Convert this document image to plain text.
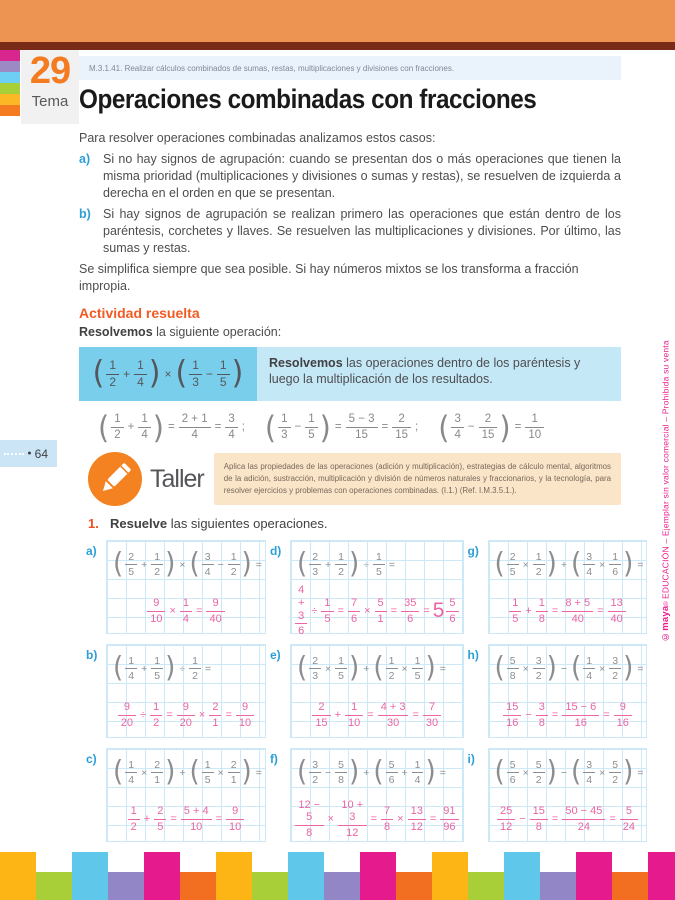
29
Tema
M.3.1.41. Realizar cálculos combinados de sumas, restas, multiplicaciones y divisiones con fracciones.
Operaciones combinadas con fracciones

Para resolver operaciones combinadas analizamos estos casos:

a)	Si no hay signos de agrupación: cuando se presentan dos o más operaciones que tienen la misma prioridad (multiplicaciones y divisiones o sumas y restas), se resuelven de izquierda a derecha en el orden en que se presentan.
b) Si hay signos de agrupación se realizan primero las operaciones que están dentro de los paréntesis, corchetes y llaves. Se resuelven las multiplicaciones y divisiones. Por último, las sumas y restas.

Se simplifica siempre que sea posible. Si hay números mixtos se los transforma a fracción impropia.

Actividad resuelta

Resolvemos la siguiente operación:

( $\frac{1}{2} + \frac{1}{4}$ ) × ( $\frac{1}{3} - \frac{1}{5}$ )	Resolvemos las operaciones dentro de los paréntesis y luego la multiplicación de los resultados.
( $\frac{1}{2} + \frac{1}{4}$ ) = $\frac{2 + 1}{4} = \frac{3}{4}$ ; ( $\frac{1}{3} - \frac{1}{5}$ ) = $\frac{5 - 3}{15} = \frac{2}{15}$ ; ( $\frac{3}{4} - \frac{2}{15}$ ) = $\frac{1}{10}$
● 64
Taller	Aplica las propiedades de las operaciones (adición y multiplicación), estrategias de cálculo mental, algoritmos de la adición, sustracción, multiplicación y división de números naturales y fraccionarios, y la tecnología, para resolver ejercicios y problemas con operaciones combinadas. (I.1.) (Ref. I.M.3.5.1.).
1. Resuelve las siguientes operaciones.
a) ( $\frac{2}{5} + \frac{1}{2}$ ) × ( $\frac{3}{4} - \frac{1}{2}$ ) =
$\frac{9}{10} \times \frac{1}{4} = \frac{9}{40}$
d) ( $\frac{2}{3} + \frac{1}{2}$ ) ÷ $\frac{1}{5}$ =
$\frac{4 + 3}{6} \div \frac{1}{5} = \frac{7}{6} \times \frac{5}{1} = \frac{35}{6} = 5 \frac{5}{6}$
g) ( $\frac{2}{5} \times \frac{1}{2}$ ) + ( $\frac{3}{4} \times \frac{1}{6}$ ) =
$\frac{1}{5} + \frac{1}{8} = \frac{8 + 5}{40} = \frac{13}{40}$
b) ( $\frac{1}{4} + \frac{1}{5}$ ) ÷ $\frac{1}{2}$ =
$\frac{9}{20} \div \frac{1}{2} = \frac{9}{20} \times \frac{2}{1} = \frac{9}{10}$
e) ( $\frac{2}{3} \times \frac{1}{5}$ ) + ( $\frac{1}{2} \times \frac{1}{5}$ ) =
$\frac{2}{15} + \frac{1}{10} = \frac{4 + 3}{30} = \frac{7}{30}$
h) ( $\frac{5}{8} \times \frac{3}{2}$ ) − ( $\frac{1}{4} \times \frac{3}{2}$ ) =
$\frac{15}{16} - \frac{3}{8} = \frac{15 - 6}{16} = \frac{9}{16}$
c) ( $\frac{1}{4} \times \frac{2}{1}$ ) + ( $\frac{1}{5} \times \frac{2}{1}$ ) =
$\frac{1}{2} + \frac{2}{5} = \frac{5 + 4}{10} = \frac{9}{10}$
f) ( $\frac{3}{2} - \frac{5}{8}$ ) + ( $\frac{5}{6} + \frac{1}{4}$ ) =
$\frac{12 - 5}{8} \times \frac{10 + 3}{12} = \frac{7}{8} \times \frac{13}{12} = \frac{91}{96}$
i) ( $\frac{5}{6} \times \frac{5}{2}$ ) − ( $\frac{3}{4} \times \frac{5}{2}$ ) =
$\frac{25}{12} - \frac{15}{8} = \frac{50 - 45}{24} = \frac{5}{24}$
©maya
®
EDUCACIÓN – Ejemplar sin valor comercial – Prohibida su venta
